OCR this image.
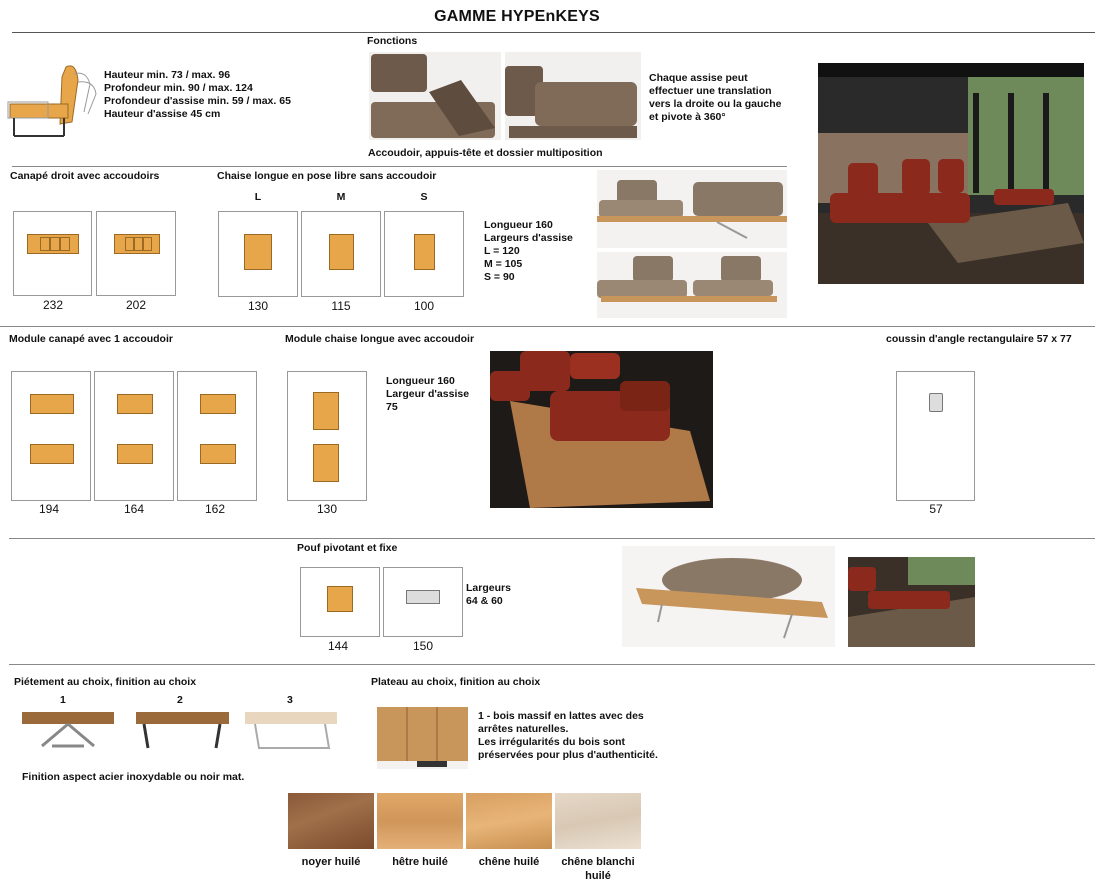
GAMME HYPEnKEYS
Hauteur min. 73 / max. 96
Profondeur min. 90 / max. 124
Profondeur d'assise min. 59 / max. 65
Hauteur d'assise 45 cm
Fonctions
Accoudoir, appuis-tête et dossier multiposition
Chaque assise peut
effectuer une translation
vers la droite ou la gauche
et pivote à 360°
Canapé droit avec accoudoirs
232	202
Chaise longue en pose libre sans accoudoir
L	M	S
130	115	100
Longueur 160
Largeurs d'assise
L = 120
M = 105
S = 90
Module canapé avec 1 accoudoir
194	164	162
Module chaise longue avec accoudoir
130
Longueur 160
Largeur d'assise
75
coussin d'angle rectangulaire 57 x 77
57
Pouf pivotant et fixe
144	150
Largeurs
64 & 60
Piétement au choix, finition au choix
1	2	3
Finition aspect acier inoxydable ou noir mat.
Plateau au choix, finition au choix
1 - bois massif en lattes avec des
arrêtes naturelles.
Les irrégularités du bois sont
préservées pour plus d'authenticité.
noyer huilé	hêtre huilé	chêne huilé	chêne blanchi
huilé
